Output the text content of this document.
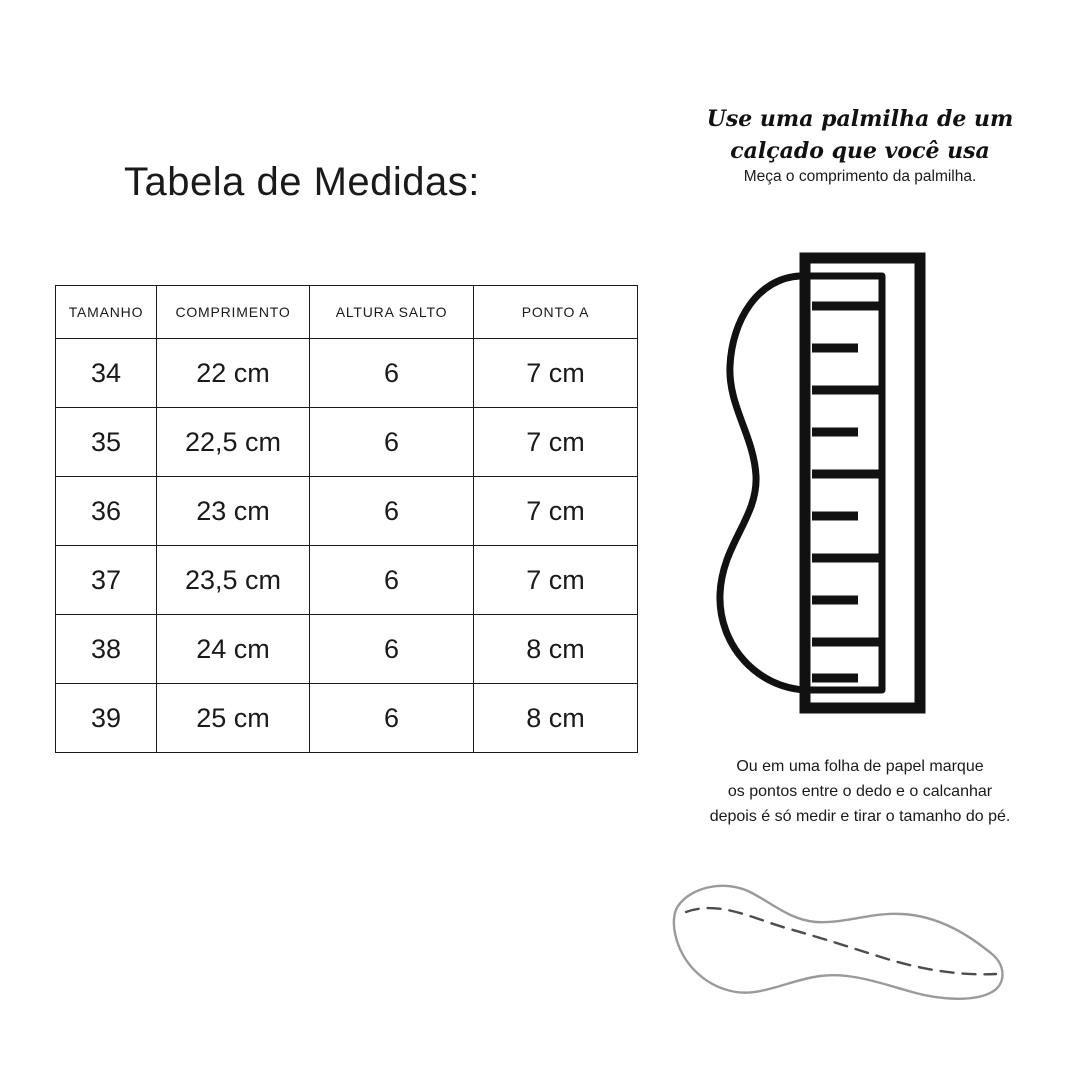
Tabela de Medidas:
TAMANHO	COMPRIMENTO	ALTURA SALTO	PONTO A
34	22 cm	6	7 cm
35	22,5 cm	6	7 cm
36	23 cm	6	7 cm
37	23,5 cm	6	7 cm
38	24 cm	6	8 cm
39	25 cm	6	8 cm
Use uma palmilha de um
calçado que você usa
Meça o comprimento da palmilha.
Ou em uma folha de papel marque
os pontos entre o dedo e o calcanhar
depois é só medir e tirar o tamanho do pé.
